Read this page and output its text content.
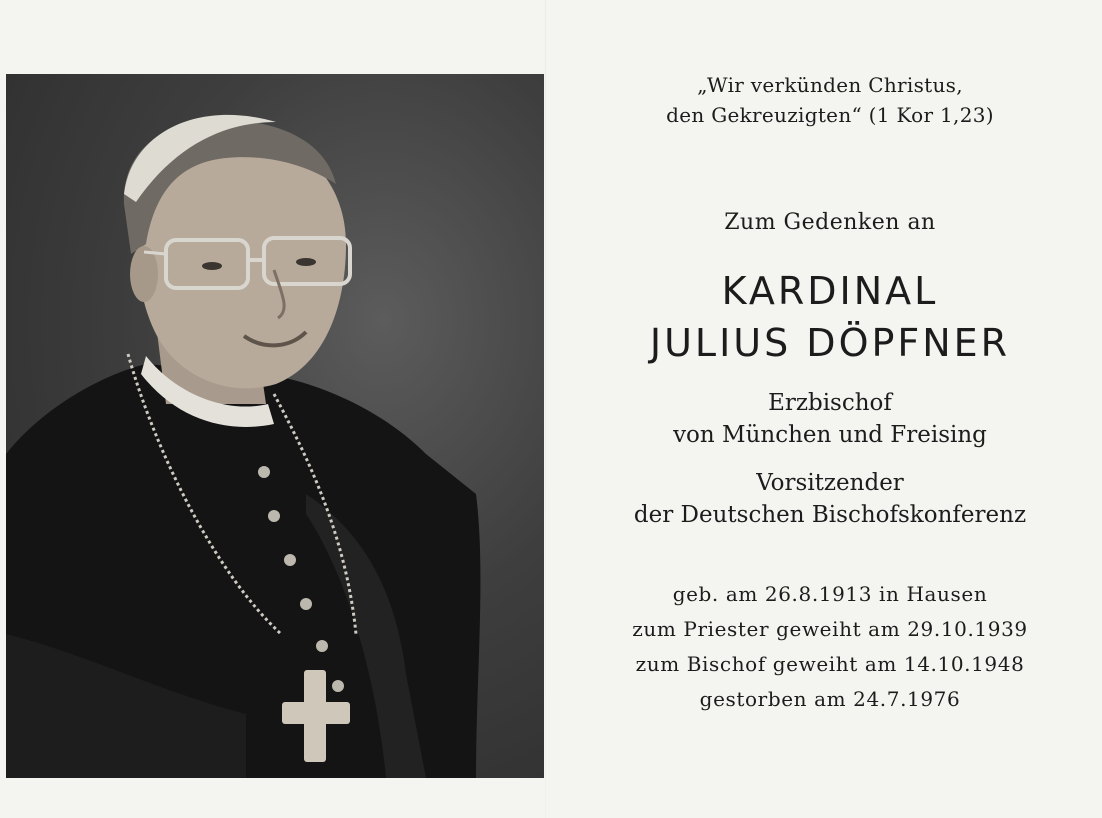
„Wir verkünden Christus,
den Gekreuzigten“ (1 Kor 1,23)
Zum Gedenken an
KARDINAL
JULIUS DÖPFNER
Erzbischof
von München und Freising
Vorsitzender
der Deutschen Bischofskonferenz
geb. am 26.8.1913 in Hausen
zum Priester geweiht am 29.10.1939
zum Bischof geweiht am 14.10.1948
gestorben am 24.7.1976
